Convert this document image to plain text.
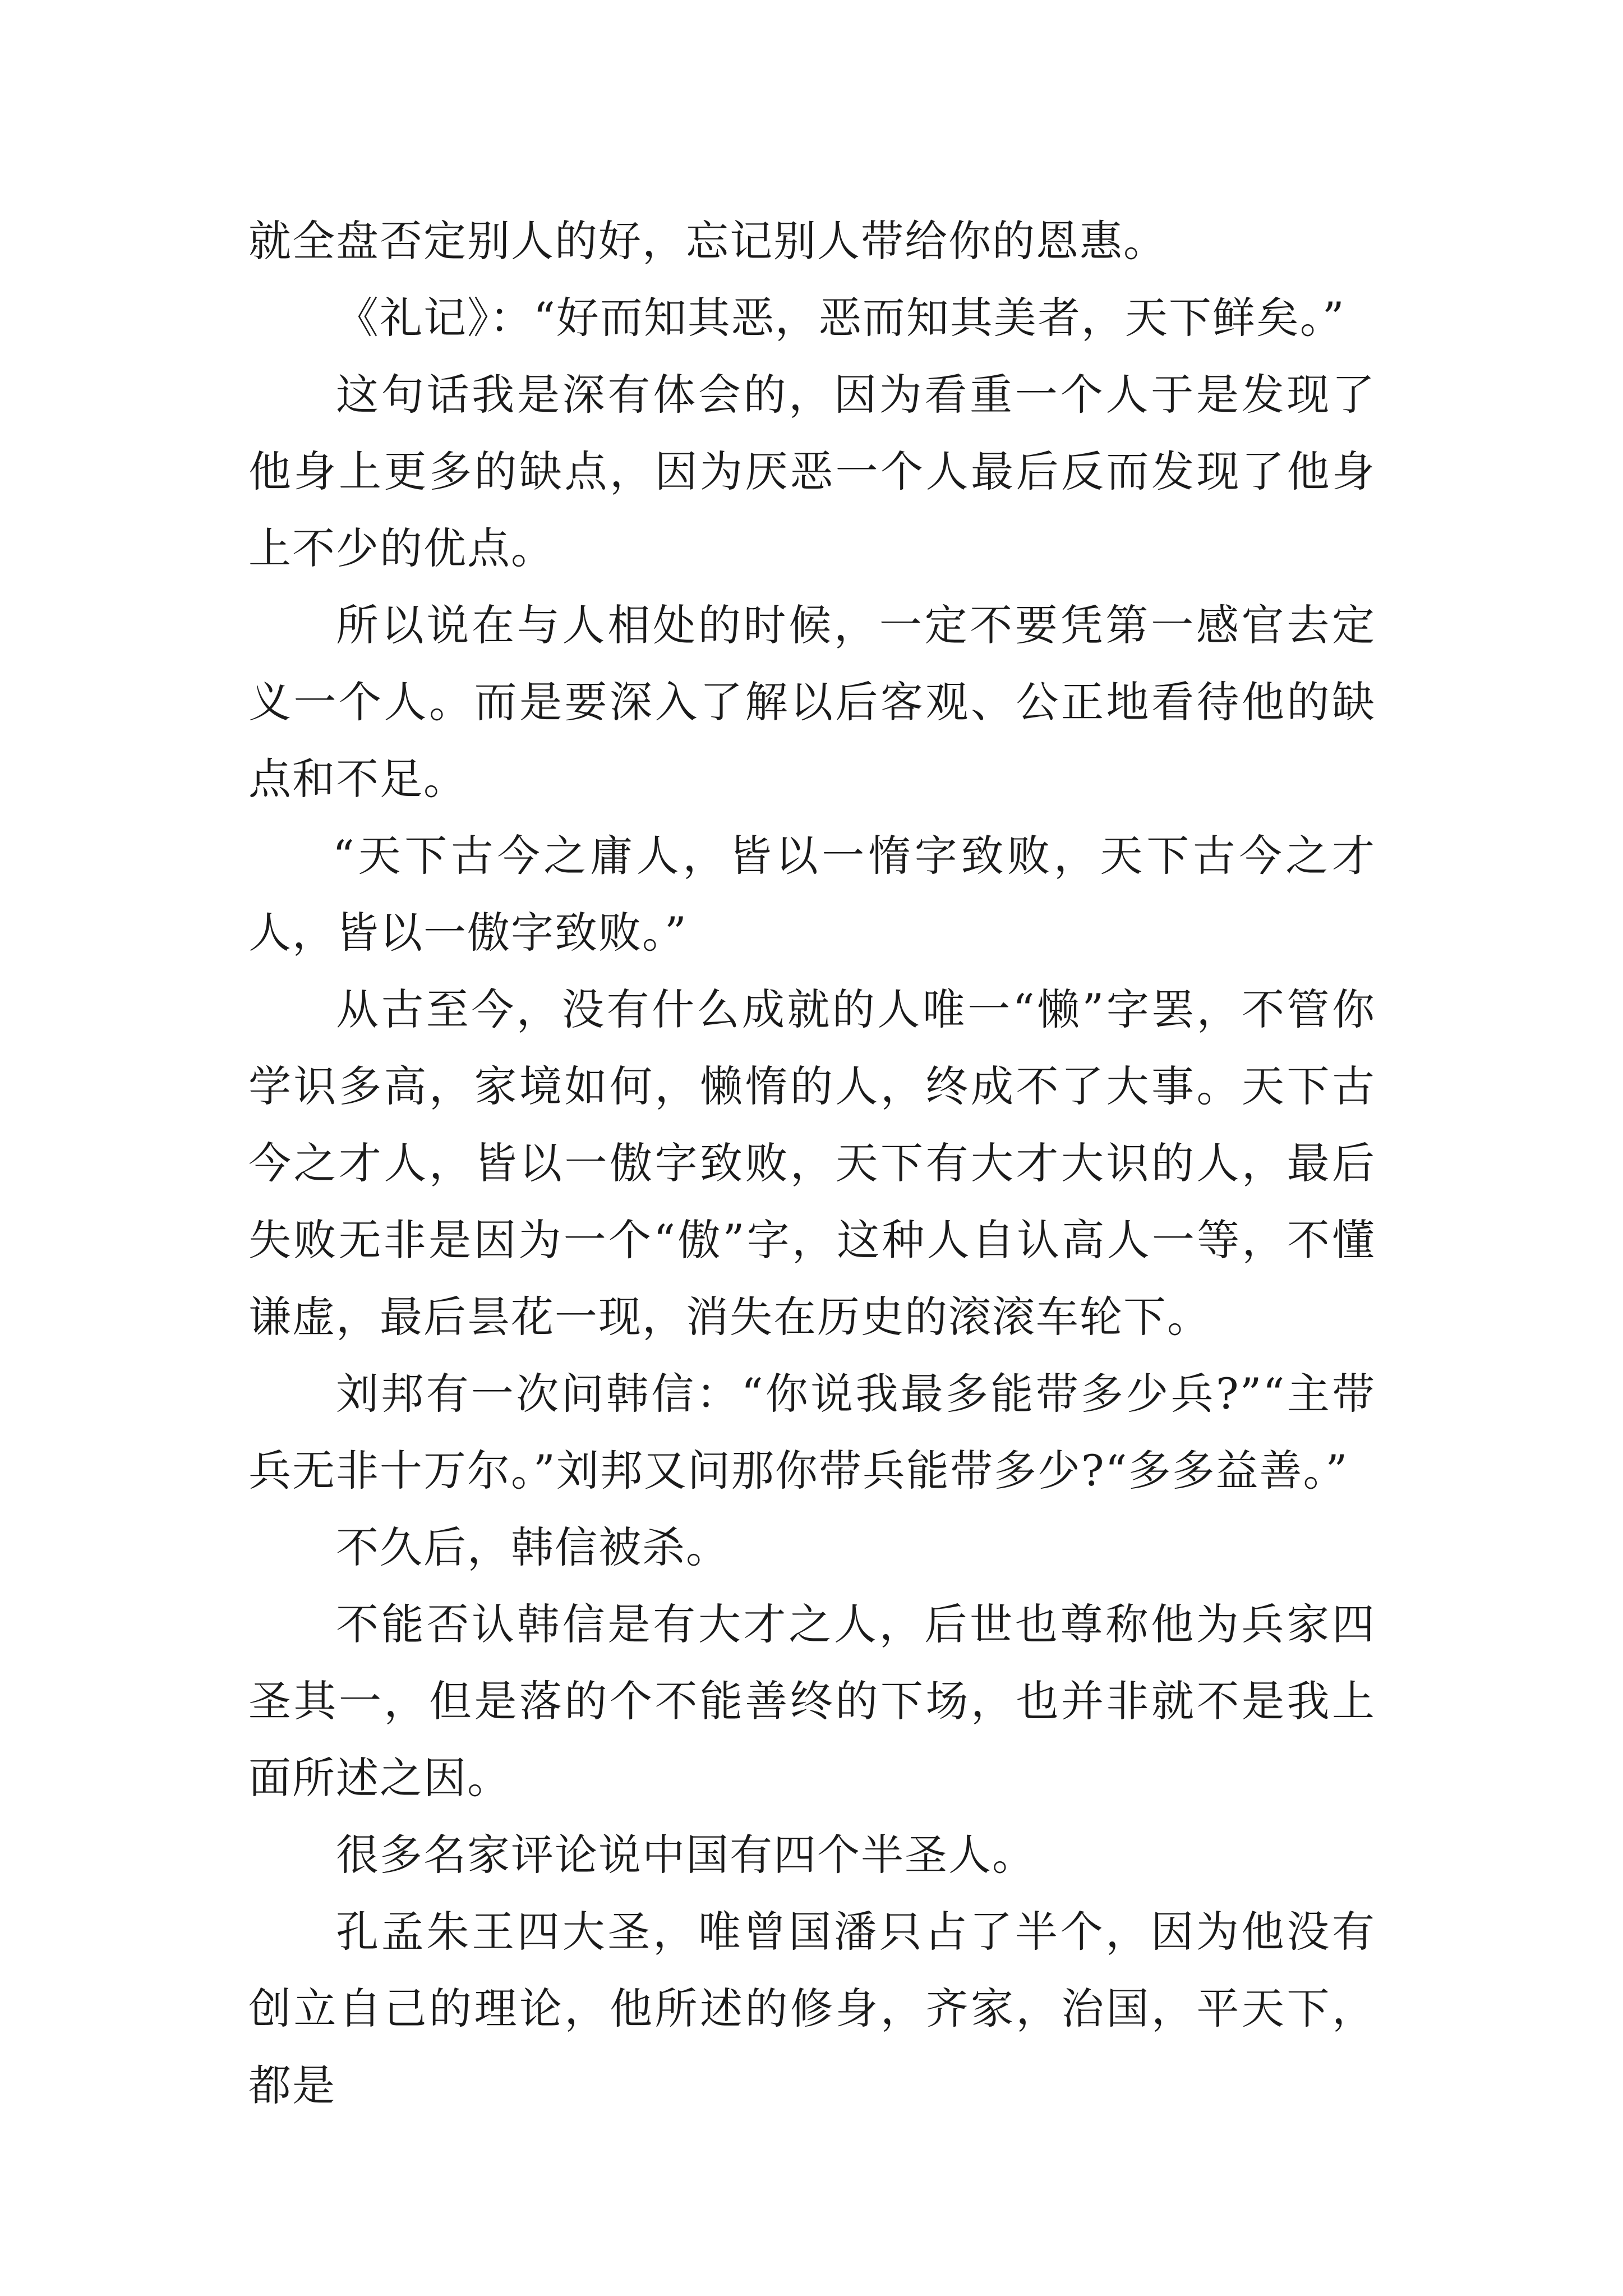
就全盘否定别人的好，忘记别人带给你的恩惠。

《礼记》：“好而知其恶，恶而知其美者，天下鲜矣。”

这句话我是深有体会的，因为看重一个人于是发现了他身上更多的缺点，因为厌恶一个人最后反而发现了他身上不少的优点。

所以说在与人相处的时候，一定不要凭第一感官去定义一个人。而是要深入了解以后客观、公正地看待他的缺点和不足。

“天下古今之庸人，皆以一惰字致败，天下古今之才人，皆以一傲字致败。”

从古至今，没有什么成就的人唯一“懒”字罢，不管你学识多高，家境如何，懒惰的人，终成不了大事。天下古今之才人，皆以一傲字致败，天下有大才大识的人，最后失败无非是因为一个“傲”字，这种人自认高人一等，不懂谦虚，最后昙花一现，消失在历史的滚滚车轮下。

刘邦有一次问韩信：“你说我最多能带多少兵?”“主带兵无非十万尔。”刘邦又问那你带兵能带多少?“多多益善。”

不久后，韩信被杀。

不能否认韩信是有大才之人，后世也尊称他为兵家四圣其一，但是落的个不能善终的下场，也并非就不是我上面所述之因。

很多名家评论说中国有四个半圣人。

孔孟朱王四大圣，唯曾国潘只占了半个，因为他没有创立自己的理论，他所述的修身，齐家，治国，平天下，都是
